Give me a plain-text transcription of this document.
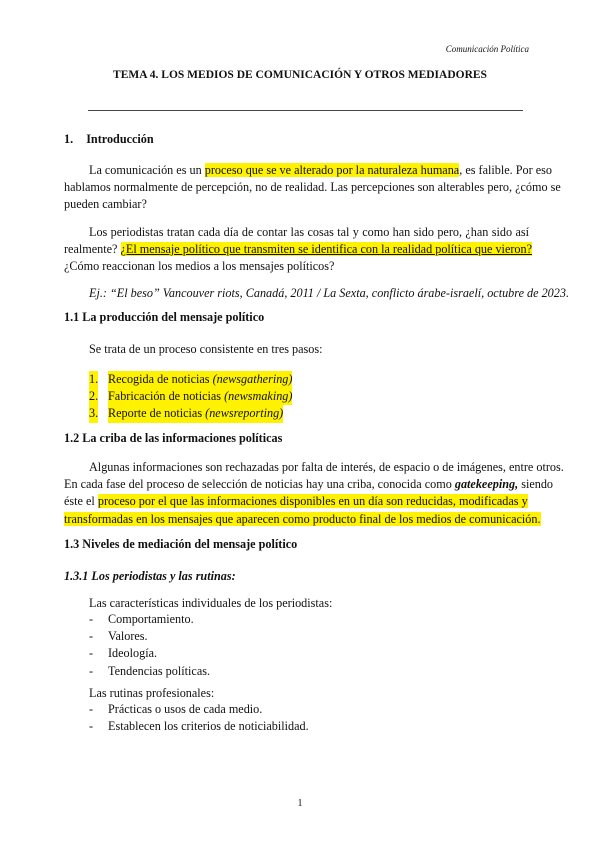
Comunicación Política
TEMA 4. LOS MEDIOS DE COMUNICACIÓN Y OTROS MEDIADORES
1. Introducción
La comunicación es un proceso que se ve alterado por la naturaleza humana, es falible. Por eso
hablamos normalmente de percepción, no de realidad. Las percepciones son alterables pero, ¿cómo se
pueden cambiar?
Los periodistas tratan cada día de contar las cosas tal y como han sido pero, ¿han sido así
realmente? ¿El mensaje político que transmiten se identifica con la realidad política que vieron?
¿Cómo reaccionan los medios a los mensajes políticos?
Ej.: “El beso” Vancouver riots, Canadá, 2011 / La Sexta, conflicto árabe-israelí, octubre de 2023.
1.1 La producción del mensaje político
Se trata de un proceso consistente en tres pasos:
1. Recogida de noticias (newsgathering)
2. Fabricación de noticias (newsmaking)
3. Reporte de noticias (newsreporting)
1.2 La criba de las informaciones políticas
Algunas informaciones son rechazadas por falta de interés, de espacio o de imágenes, entre otros.
En cada fase del proceso de selección de noticias hay una criba, conocida como gatekeeping, siendo
éste el proceso por el que las informaciones disponibles en un día son reducidas, modificadas y
transformadas en los mensajes que aparecen como producto final de los medios de comunicación.
1.3 Niveles de mediación del mensaje político
1.3.1 Los periodistas y las rutinas:
Las características individuales de los periodistas:
- Comportamiento.
- Valores.
- Ideología.
- Tendencias políticas.
Las rutinas profesionales:
- Prácticas o usos de cada medio.
- Establecen los criterios de noticiabilidad.
1
